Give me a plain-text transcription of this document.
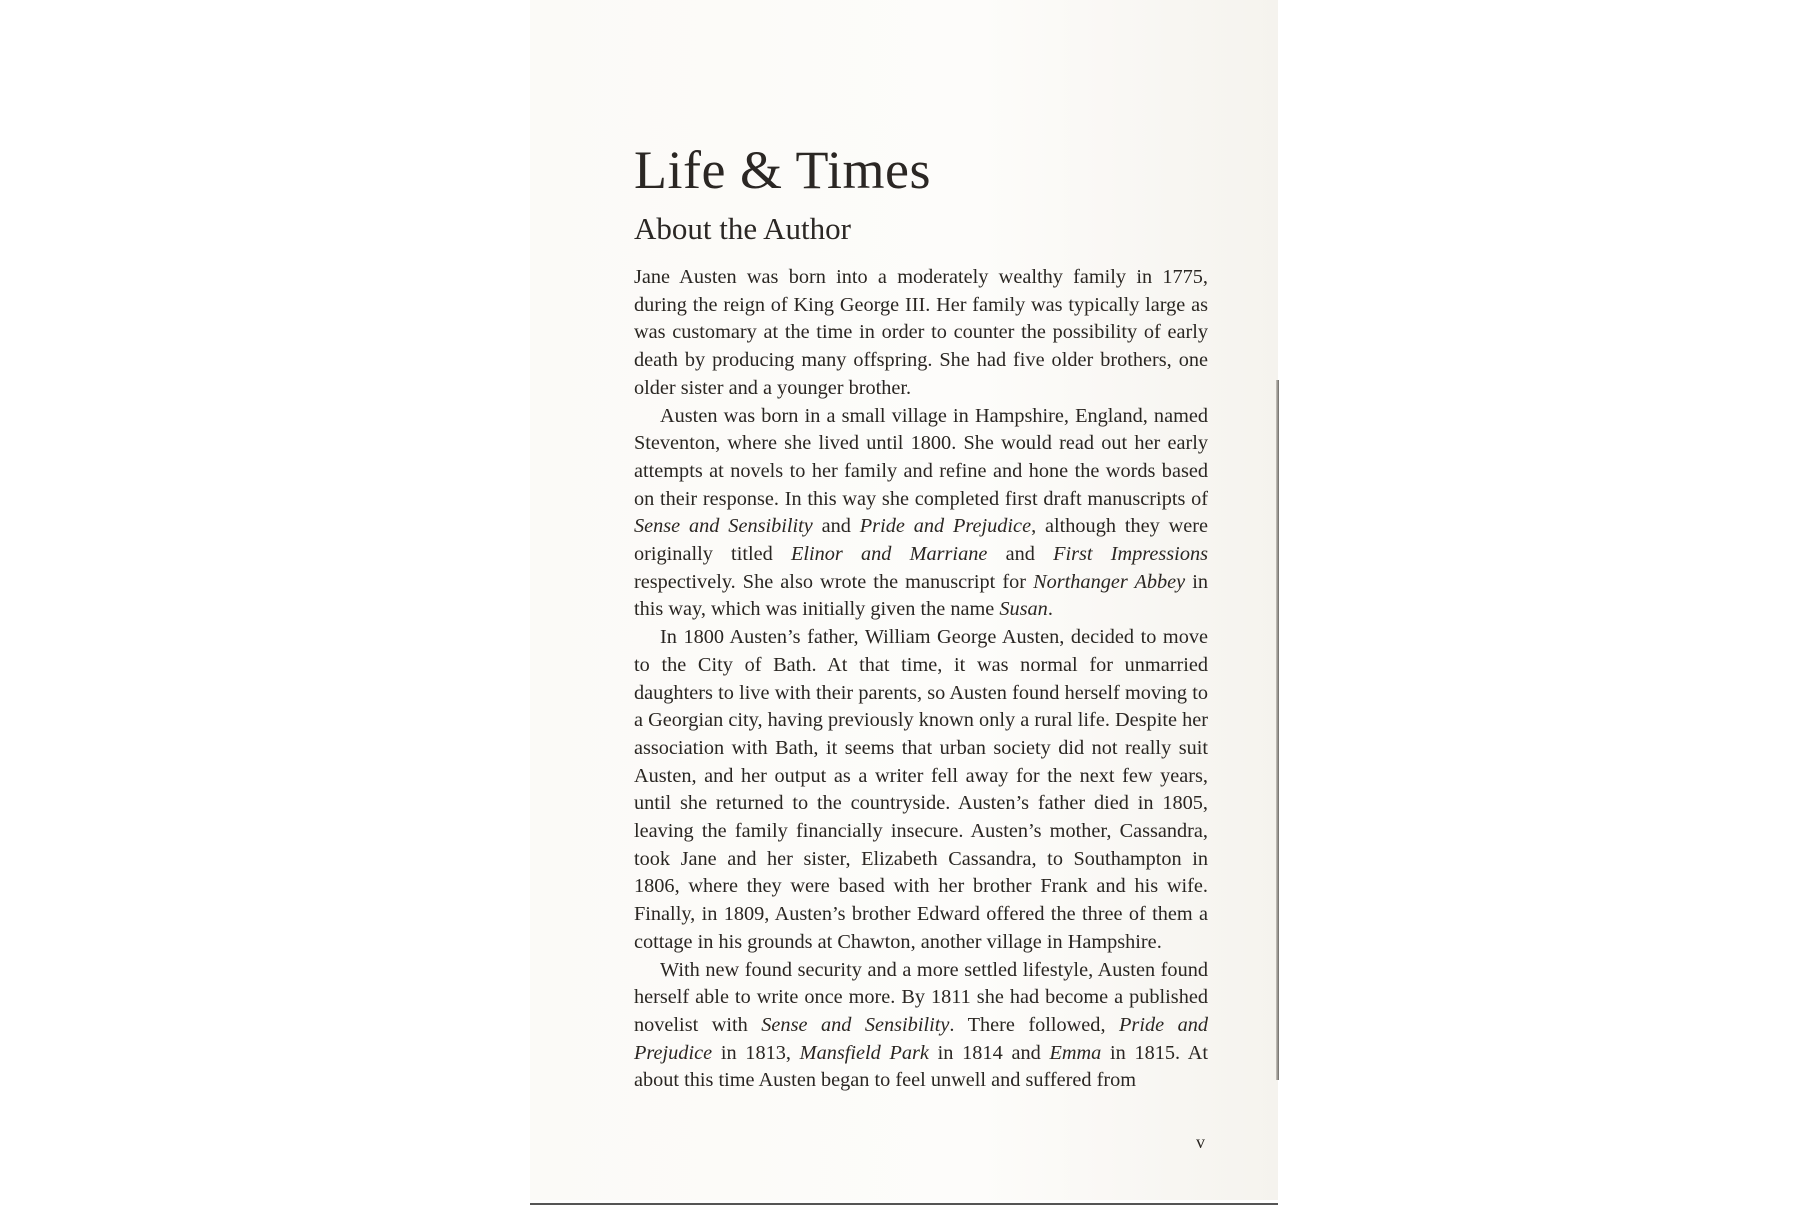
Life & Times
About the Author

Jane Austen was born into a moderately wealthy family in 1775, during the reign of King George III. Her family was typically large as was customary at the time in order to counter the possibility of early death by producing many offspring. She had five older brothers, one older sister and a younger brother.

Austen was born in a small village in Hampshire, England, named Steventon, where she lived until 1800. She would read out her early attempts at novels to her family and refine and hone the words based on their response. In this way she completed first draft manuscripts of Sense and Sensibility and Pride and Prejudice, although they were originally titled Elinor and Marriane and First Impressions respectively. She also wrote the manuscript for Northanger Abbey in this way, which was initially given the name Susan.

In 1800 Austen’s father, William George Austen, decided to move to the City of Bath. At that time, it was normal for unmarried daughters to live with their parents, so Austen found herself moving to a Georgian city, having previously known only a rural life. Despite her association with Bath, it seems that urban society did not really suit Austen, and her output as a writer fell away for the next few years, until she returned to the countryside. Austen’s father died in 1805, leaving the family financially insecure. Austen’s mother, Cassandra, took Jane and her sister, Elizabeth Cassandra, to Southampton in 1806, where they were based with her brother Frank and his wife. Finally, in 1809, Austen’s brother Edward offered the three of them a cottage in his grounds at Chawton, another village in Hampshire.

With new found security and a more settled lifestyle, Austen found herself able to write once more. By 1811 she had become a published novelist with Sense and Sensibility. There followed, Pride and Prejudice in 1813, Mansfield Park in 1814 and Emma in 1815. At about this time Austen began to feel unwell and suffered from

v
